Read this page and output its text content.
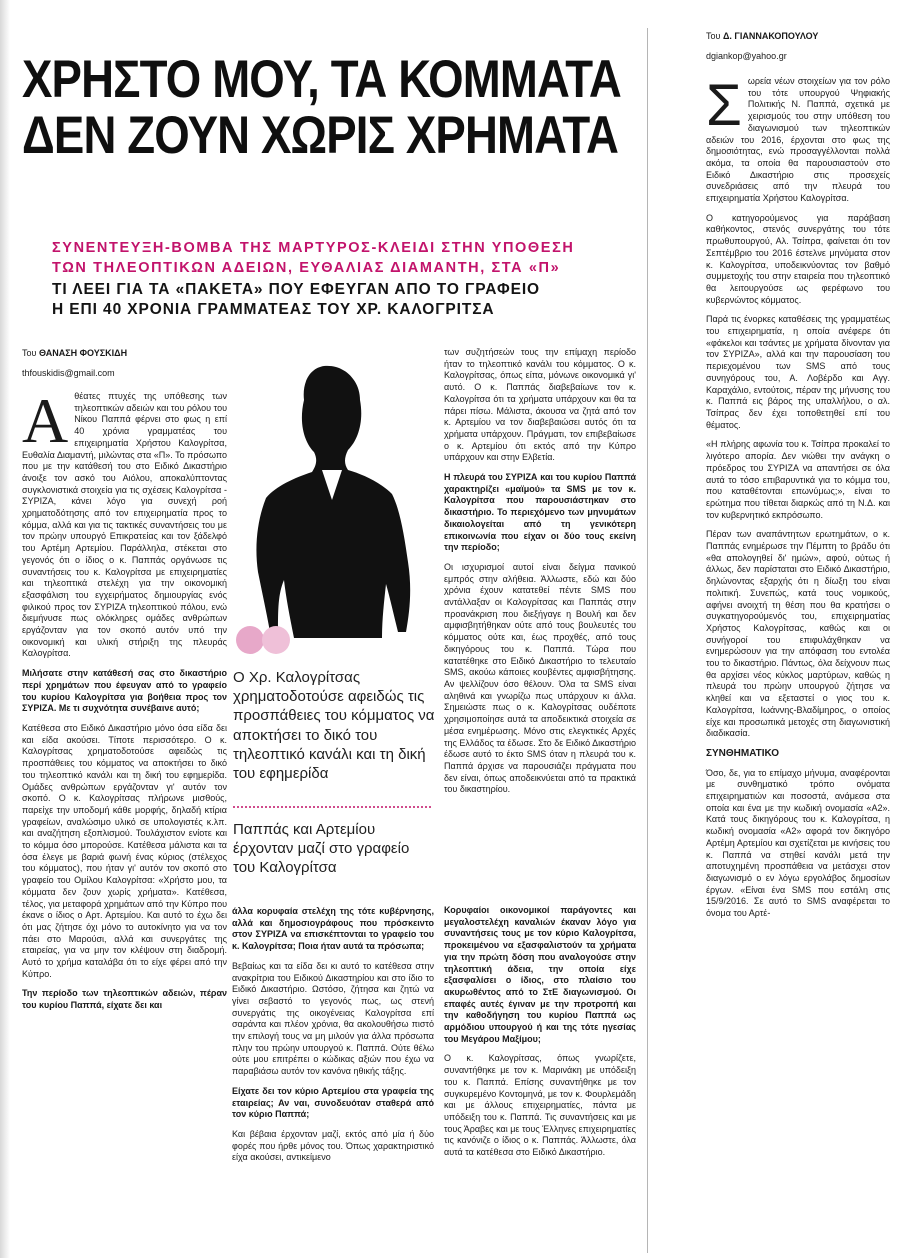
ΧΡΗΣΤΟ ΜΟΥ, ΤΑ ΚΟΜΜΑΤΑ
ΔΕΝ ΖΟΥΝ ΧΩΡΙΣ ΧΡΗΜΑΤΑ
ΣΥΝΕΝΤΕΥΞΗ-ΒΟΜΒΑ ΤΗΣ ΜΑΡΤΥΡΟΣ-ΚΛΕΙΔΙ ΣΤΗΝ ΥΠΟΘΕΣΗ
ΤΩΝ ΤΗΛΕΟΠΤΙΚΩΝ ΑΔΕΙΩΝ, ΕΥΘΑΛΙΑΣ ΔΙΑΜΑΝΤΗ, ΣΤΑ «Π»
ΤΙ ΛΕΕΙ ΓΙΑ ΤΑ «ΠΑΚΕΤΑ» ΠΟΥ ΕΦΕΥΓΑΝ ΑΠΟ ΤΟ ΓΡΑΦΕΙΟ
Η ΕΠΙ 40 ΧΡΟΝΙΑ ΓΡΑΜΜΑΤΕΑΣ ΤΟΥ ΧΡ. ΚΑΛΟΓΡΙΤΣΑ

Του ΘΑΝΑΣΗ ΦΟΥΣΚΙΔΗ

thfouskidis@gmail.com

Α θέατες πτυχές της υπόθεσης των τηλεοπτικών αδειών και του ρόλου του Νίκου Παππά φέρνει στο φως η επί 40 χρόνια γραμματέας του επιχειρηματία Χρήστου Καλογρίτσα, Ευθαλία Διαμαντή, μιλώντας στα «Π». Το πρόσωπο που με την κατάθεσή του στο Ειδικό Δικαστήριο άνοιξε τον ασκό του Αιόλου, αποκαλύπτοντας συγκλονιστικά στοιχεία για τις σχέσεις Καλογρίτσα - ΣΥΡΙΖΑ, κάνει λόγο για συνεχή ροή χρηματοδότησης από τον επιχειρηματία προς το κόμμα, αλλά και για τις τακτικές συναντήσεις του με τον πρώην υπουργό Επικρατείας και τον ξάδελφό του Αρτέμη Αρτεμίου. Παράλληλα, στέκεται στο γεγονός ότι ο ίδιος ο κ. Παππάς οργάνωσε τις συναντήσεις του κ. Καλογρίτσα με επιχειρηματίες και τηλεοπτικά στελέχη για την οικονομική εξασφάλιση του εγχειρήματος δημιουργίας ενός φιλικού προς τον ΣΥΡΙΖΑ τηλεοπτικού πόλου, ενώ διεμήνυσε πως ολόκληρες ομάδες ανθρώπων εργάζονταν για τον σκοπό αυτόν υπό την οικονομική και υλική στήριξη της πλευράς Καλογρίτσα.

Μιλήσατε στην κατάθεσή σας στο δικαστήριο περί χρημάτων που έφευγαν από το γραφείο του κυρίου Καλογρίτσα για βοήθεια προς τον ΣΥΡΙΖΑ. Με τι συχνότητα συνέβαινε αυτό;

Κατέθεσα στο Ειδικό Δικαστήριο μόνο όσα είδα δει και είδα ακούσει. Τίποτε περισσότερο. Ο κ. Καλογρίτσας χρηματοδοτούσε αφειδώς τις προσπάθειες του κόμματος να αποκτήσει το δικό του τηλεοπτικό κανάλι και τη δική του εφημερίδα. Ομάδες ανθρώπων εργάζονταν γι' αυτόν τον σκοπό. Ο κ. Καλογρίτσας πλήρωνε μισθούς, παρείχε την υποδομή κάθε μορφής, δηλαδή κτίρια γραφείων, αναλώσιμο υλικό σε υπολογιστές κ.λπ. και αναζήτηση εξοπλισμού. Τουλάχιστον ενίοτε και το κόμμα όσο μπορούσε. Κατέθεσα μάλιστα και τα όσα έλεγε με βαριά φωνή ένας κύριος (στέλεχος του κόμματος), που ήταν γι' αυτόν τον σκοπό στο γραφείο του Ομίλου Καλογρίτσα: «Χρήστο μου, τα κόμματα δεν ζουν χωρίς χρήματα». Κατέθεσα, τέλος, για μεταφορά χρημάτων από την Κύπρο που έκανε ο ίδιος ο Αρτ. Αρτεμίου. Και αυτό το έχω δει ότι μας ζήτησε όχι μόνο το αυτοκίνητο για να τον πάει στο Μαρούσι, αλλά και συνεργάτες της εταιρείας, για να μην τον κλέψουν στη διαδρομή. Αυτό το χρήμα καταλάβα ότι το είχε φέρει από την Κύπρο.

Την περίοδο των τηλεοπτικών αδειών, πέραν του κυρίου Παππά, είχατε δει και

Ο Χρ. Καλογρίτσας χρηματοδοτούσε αφειδώς τις προσπάθειες του κόμματος να αποκτήσει το δικό του τηλεοπτικό κανάλι και τη δική του εφημερίδα

Παππάς και Αρτεμίου έρχονταν μαζί στο γραφείο του Καλογρίτσα

άλλα κορυφαία στελέχη της τότε κυβέρνησης, αλλά και δημοσιογράφους που πρόσκειντο στον ΣΥΡΙΖΑ να επισκέπτονται το γραφείο του κ. Καλογρίτσα; Ποια ήταν αυτά τα πρόσωπα;

Βεβαίως και τα είδα δει κι αυτό το κατέθεσα στην ανακρίτρια του Ειδικού Δικαστηρίου και στο ίδιο το Ειδικό Δικαστήριο. Ωστόσο, ζήτησα και ζητώ να γίνει σεβαστό το γεγονός πως, ως στενή συνεργάτις της οικογένειας Καλογρίτσα επί σαράντα και πλέον χρόνια, θα ακολουθήσω πιστό την επιλογή τους να μη μιλούν για άλλα πρόσωπα πλην του πρώην υπουργού κ. Παππά. Ούτε θέλω ούτε μου επιτρέπει ο κώδικας αξιών που έχω να παραβιάσω αυτόν τον κανόνα ηθικής τάξης.

Είχατε δει τον κύριο Αρτεμίου στα γραφεία της εταιρείας; Αν ναι, συνοδευόταν σταθερά από τον κύριο Παππά;

Και βέβαια έρχονταν μαζί, εκτός από μία ή δύο φορές που ήρθε μόνος του. Όπως χαρακτηριστικό είχα ακούσει, αντικείμενο

των συζητήσεών τους την επίμαχη περίοδο ήταν το τηλεοπτικό κανάλι του κόμματος. Ο κ. Καλογρίτσας, όπως είπα, μόνωνε οικονομικά γι' αυτό. Ο κ. Παππάς διαβεβαίωνε τον κ. Καλογρίτσα ότι τα χρήματα υπάρχουν και θα τα πάρει πίσω. Μάλιστα, άκουσα να ζητά από τον κ. Αρτεμίου να τον διαβεβαιώσει αυτός ότι τα χρήματα υπάρχουν. Πράγματι, τον επιβεβαίωσε ο κ. Αρτεμίου ότι εκτός από την Κύπρο υπάρχουν και στην Ελβετία.

Η πλευρά του ΣΥΡΙΖΑ και του κυρίου Παππά χαρακτηρίζει «μαϊμού» τα SMS με τον κ. Καλογρίτσα που παρουσιάστηκαν στο δικαστήριο. Το περιεχόμενο των μηνυμάτων δικαιολογείται από τη γενικότερη επικοινωνία που είχαν οι δύο τους εκείνη την περίοδο;

Οι ισχυρισμοί αυτοί είναι δείγμα πανικού εμπρός στην αλήθεια. Άλλωστε, εδώ και δύο χρόνια έχουν κατατεθεί πέντε SMS που αντάλλαξαν οι Καλογρίτσας και Παππάς στην προανάκριση που διεξήγαγε η Βουλή και δεν αμφισβητήθηκαν ούτε από τους βουλευτές του κόμματος ούτε και, έως προχθές, από τους δικηγόρους του κ. Παππά. Τώρα που κατατέθηκε στο Ειδικό Δικαστήριο το τελευταίο SMS, ακούω κάποιες κουβέντες αμφισβήτησης. Αν ψελλίζουν όσο θέλουν. Όλα τα SMS είναι αληθινά και γνωρίζω πως υπάρχουν κι άλλα. Σημειώστε πως ο κ. Καλογρίτσας ουδέποτε χρησιμοποίησε αυτά τα αποδεικτικά στοιχεία σε μέσα ενημέρωσης. Μόνο στις ελεγκτικές Αρχές της Ελλάδος τα έδωσε. Στο δε Ειδικό Δικαστήριο έδωσε αυτό το έκτο SMS όταν η πλευρά του κ. Παππά άρχισε να παρουσιάζει πράγματα που δεν είναι, όπως αποδεικνύεται από τα πρακτικά του δικαστηρίου.

Κορυφαίοι οικονομικοί παράγοντες και μεγαλοστελέχη καναλιών έκαναν λόγο για συναντήσεις τους με τον κύριο Καλογρίτσα, προκειμένου να εξασφαλιστούν τα χρήματα για την πρώτη δόση που αναλογούσε στην τηλεοπτική άδεια, την οποία είχε εξασφαλίσει ο ίδιος, στο πλαίσιο του ακυρωθέντος από το ΣτΕ διαγωνισμού. Οι επαφές αυτές έγιναν με την προτροπή και την καθοδήγηση του κυρίου Παππά ως αρμόδιου υπουργού ή και της τότε ηγεσίας του Μεγάρου Μαξίμου;

Ο κ. Καλογρίτσας, όπως γνωρίζετε, συναντήθηκε με τον κ. Μαρινάκη με υπόδειξη του κ. Παππά. Επίσης συναντήθηκε με τον συγκυρεμένο Κοντομηνά, με τον κ. Φουρλεμάδη και με άλλους επιχειρηματίες, πάντα με υπόδειξη του κ. Παππά. Τις συναντήσεις και με τους Άραβες και με τους Έλληνες επιχειρηματίες τις κανόνιζε ο ίδιος ο κ. Παππάς. Άλλωστε, όλα αυτά τα κατέθεσα στο Ειδικό Δικαστήριο.

Του Δ. ΓΙΑΝΝΑΚΟΠΟΥΛΟΥ

dgiankop@yahoo.gr

Σ ωρεία νέων στοιχείων για τον ρόλο του τότε υπουργού Ψηφιακής Πολιτικής Ν. Παππά, σχετικά με χειρισμούς του στην υπόθεση του διαγωνισμού των τηλεοπτικών αδειών του 2016, έρχονται στο φως της δημοσιότητας, ενώ προσαγγέλλονται πολλά ακόμα, τα οποία θα παρουσιαστούν στο Ειδικό Δικαστήριο στις προσεχείς συνεδριάσεις από την πλευρά του επιχειρηματία Χρήστου Καλογρίτσα.

Ο κατηγορούμενος για παράβαση καθήκοντος, στενός συνεργάτης του τότε πρωθυπουργού, Αλ. Τσίπρα, φαίνεται ότι τον Σεπτέμβριο του 2016 έστελνε μηνύματα στον κ. Καλογρίτσα, υποδεικνύοντας τον βαθμό συμμετοχής του στην εταιρεία που τηλεοπτικό θα λειτουργούσε ως φερέφωνο του κυβερνώντος κόμματος.

Παρά τις ένορκες καταθέσεις της γραμματέως του επιχειρηματία, η οποία ανέφερε ότι «φάκελοι και τσάντες με χρήματα δίνονταν για τον ΣΥΡΙΖΑ», αλλά και την παρουσίαση του περιεχομένου των SMS από τους συνηγόρους του, Α. Λοβέρδο και Αγγ. Καραχάλιο, εντούτοις, πέραν της μήνυσης του κ. Παππά εις βάρος της υπαλλήλου, ο αλ. Τσίπρας δεν έχει τοποθετηθεί επί του θέματος.

«Η πλήρης αφωνία του κ. Τσίπρα προκαλεί το λιγότερο απορία. Δεν νιώθει την ανάγκη ο πρόεδρος του ΣΥΡΙΖΑ να απαντήσει σε όλα αυτά το τόσο επιβαρυντικά για το κόμμα του, που καταθέτονται επωνύμως;», είναι το ερώτημα που τίθεται διαρκώς από τη Ν.Δ. και τον κυβερνητικό εκπρόσωπο.

Πέραν των αναπάντητων ερωτημάτων, ο κ. Παππάς ενημέρωσε την Πέμπτη το βράδυ ότι «θα απολογηθεί δι' ημών», αφού, ούτως ή άλλως, δεν παρίσταται στο Ειδικό Δικαστήριο, δηλώνοντας εξαρχής ότι η δίωξη του είναι πολιτική. Συνεπώς, κατά τους νομικούς, αφήνει ανοιχτή τη θέση που θα κρατήσει ο συγκατηγορούμενός του, επιχειρηματίας Χρήστος Καλογρίτσας, καθώς και οι συνήγοροί του επιφυλάχθηκαν να ενημερώσουν για την απόφαση του εντολέα του το δικαστήριο. Πάντως, όλα δείχνουν πως θα αρχίσει νέος κύκλος μαρτύρων, καθώς η πλευρά του πρώην υπουργού ζήτησε να κληθεί και να εξεταστεί ο γιος του κ. Καλογρίτσα, Ιωάννης-Βλαδίμηρος, ο οποίος είχε και προσωπικά μετοχές στη διαγωνιστική διαδικασία.

ΣΥΝΘΗΜΑΤΙΚΟ

Όσο, δε, για το επίμαχο μήνυμα, αναφέρονται με συνθηματικό τρόπο ονόματα επιχειρηματιών και ποσοστά, ανάμεσα στα οποία και ένα με την κωδική ονομασία «Α2». Κατά τους δικηγόρους του κ. Καλογρίτσα, η κωδική ονομασία «Α2» αφορά τον δικηγόρο Αρτέμη Αρτεμίου και σχετίζεται με κινήσεις του κ. Παππά να στηθεί κανάλι μετά την αποτυχημένη προσπάθεια να μετάσχει στον διαγωνισμό ο εν λόγω εργολάβος δημοσίων έργων. «Είναι ένα SMS που εστάλη στις 15/9/2016. Σε αυτό το SMS αναφέρεται το όνομα του Αρτέ-
